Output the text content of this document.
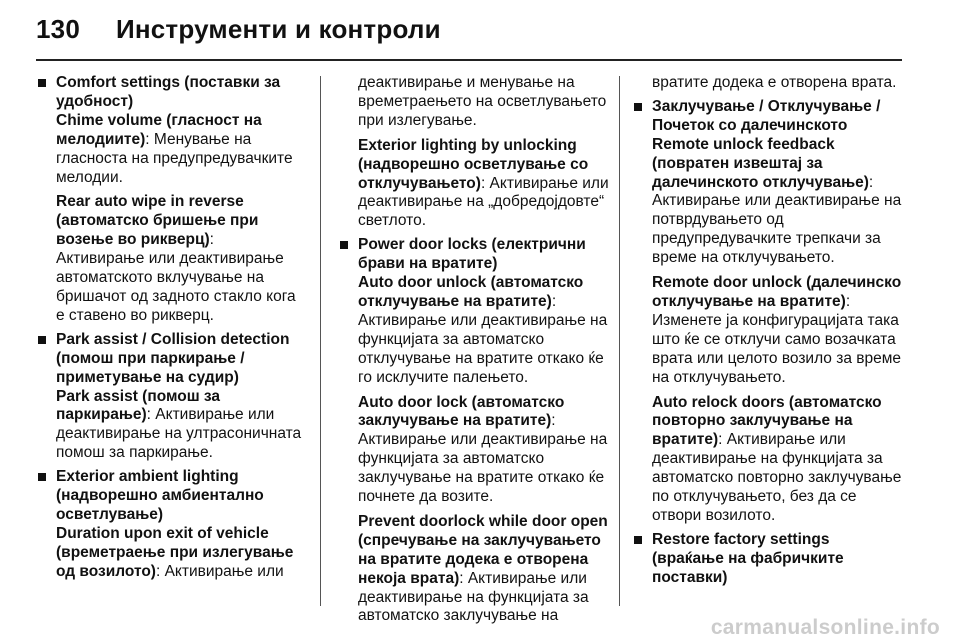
130 Инструменти и контроли
Comfort settings (поставки за удобност)
Chime volume (гласност на мелодиите): Менување на гласноста на предупредувачките мелодии.
Rear auto wipe in reverse (автоматско бришење при возење во рикверц): Активирање или деактивирање автоматското вклучување на бришачот од задното стакло кога е ставено во рикверц.
Park assist / Collision detection (помош при паркирање / приметување на судир)
Park assist (помош за паркирање): Активирање или деактивирање на ултрасоничната помош за паркирање.
Exterior ambient lighting (надворешно амбиентално осветлување)
Duration upon exit of vehicle (времетраење при излегување од возилото): Активирање или
деактивирање и менување на времетраењето на осветлувањето при излегување.
Exterior lighting by unlocking (надворешно осветлување со отклучувањето): Активирање или деактивирање на „добредојдовте“ светлото.
Power door locks (електрични брави на вратите)
Auto door unlock (автоматско отклучување на вратите): Активирање или деактивирање на функцијата за автоматско отклучување на вратите откако ќе го исклучите палењето.
Auto door lock (автоматско заклучување на вратите): Активирање или деактивирање на функцијата за автоматско заклучување на вратите откако ќе почнете да возите.
Prevent doorlock while door open (спречување на заклучувањето на вратите додека е отворена некоја врата): Активирање или деактивирање на функцијата за автоматско заклучување на
вратите додека е отворена врата.
Заклучување / Отклучување / Почеток со далечинското
Remote unlock feedback (повратен извештај за далечинското отклучување): Активирање или деактивирање на потврдувањето од предупредувачките трепкачи за време на отклучувањето.
Remote door unlock (далечинско отклучување на вратите): Изменете ја конфигурацијата така што ќе се отклучи само возачката врата или целото возило за време на отклучувањето.
Auto relock doors (автоматско повторно заклучување на вратите): Активирање или деактивирање на функцијата за автоматско повторно заклучување по отклучувањето, без да се отвори возилото.
Restore factory settings (враќање на фабричките поставки)
carmanualsonline.info
